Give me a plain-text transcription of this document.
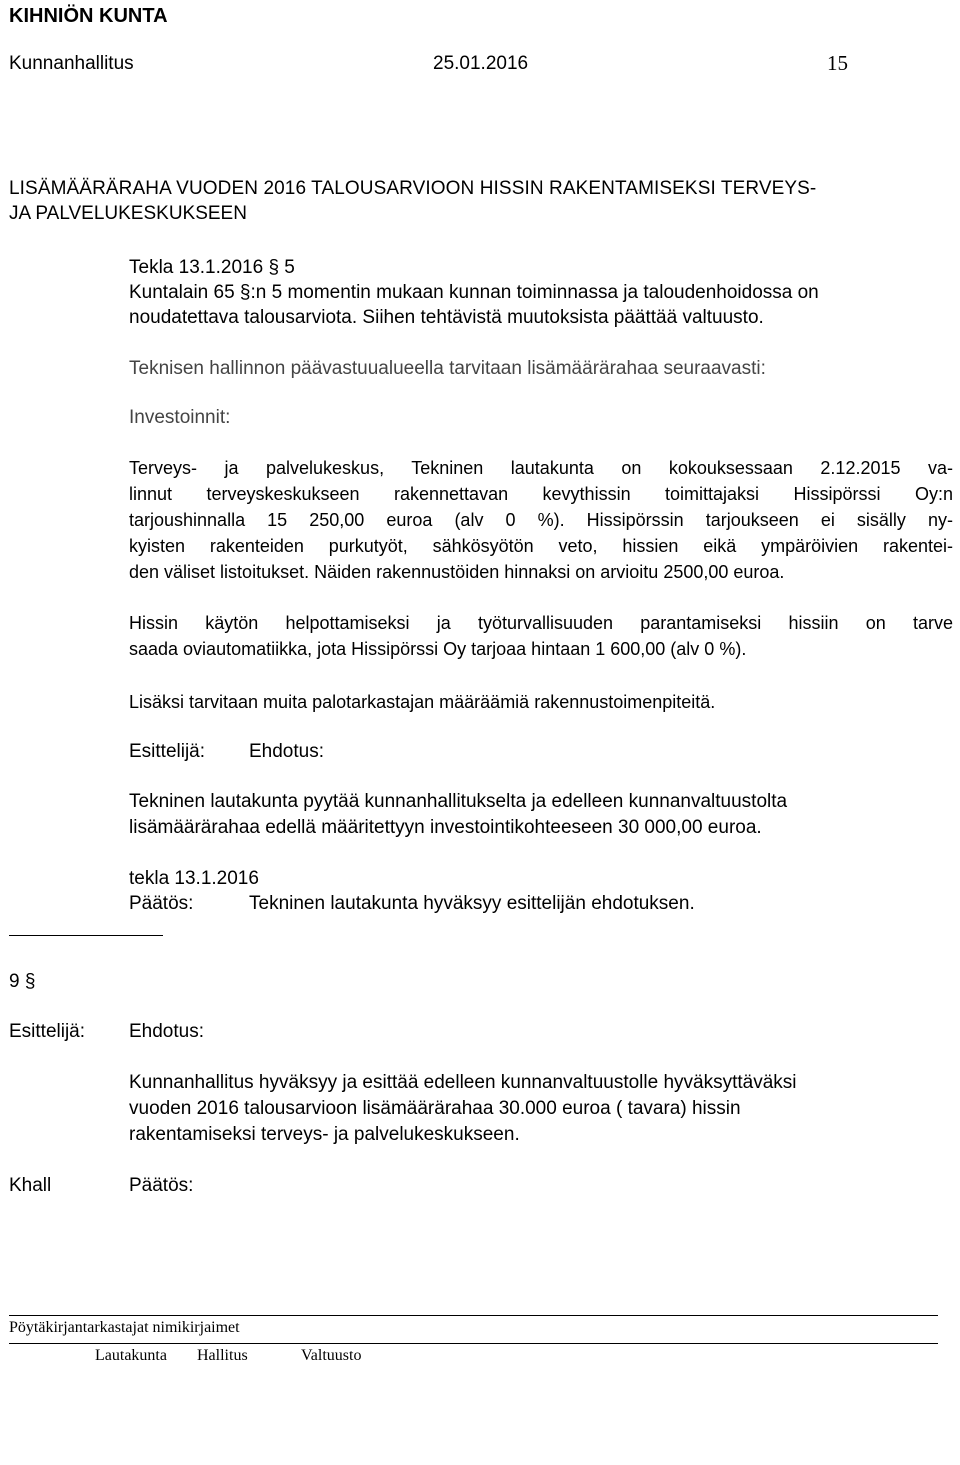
KIHNIÖN KUNTA
Kunnanhallitus	25.01.2016	15
LISÄMÄÄRÄRAHA VUODEN 2016 TALOUSARVIOON HISSIN RAKENTAMISEKSI TERVEYS-
JA PALVELUKESKUKSEEN
Tekla 13.1.2016 § 5
Kuntalain 65 §:n 5 momentin mukaan kunnan toiminnassa ja taloudenhoidossa on
noudatettava talousarviota. Siihen tehtävistä muutoksista päättää valtuusto.
Teknisen hallinnon päävastuualueella tarvitaan lisämäärärahaa seuraavasti:
Investoinnit:
Terveys- ja palvelukeskus, Tekninen lautakunta on kokouksessaan 2.12.2015 va-
linnut terveyskeskukseen rakennettavan kevythissin toimittajaksi Hissipörssi Oy:n
tarjoushinnalla 15 250,00 euroa (alv 0 %). Hissipörssin tarjoukseen ei sisälly ny-
kyisten rakenteiden purkutyöt, sähkösyötön veto, hissien eikä ympäröivien rakentei-
den väliset listoitukset. Näiden rakennustöiden hinnaksi on arvioitu 2500,00 euroa.
Hissin käytön helpottamiseksi ja työturvallisuuden parantamiseksi hissiin on tarve
saada oviautomatiikka, jota Hissipörssi Oy tarjoaa hintaan 1 600,00 (alv 0 %).
Lisäksi tarvitaan muita palotarkastajan määräämiä rakennustoimenpiteitä.
Esittelijä: Ehdotus:
Tekninen lautakunta pyytää kunnanhallitukselta ja edelleen kunnanvaltuustolta
lisämäärärahaa edellä määritettyyn investointikohteeseen 30 000,00 euroa.
tekla 13.1.2016
Päätös:	Tekninen lautakunta hyväksyy esittelijän ehdotuksen.
9 §
Esittelijä: Ehdotus:
Kunnanhallitus hyväksyy ja esittää edelleen kunnanvaltuustolle hyväksyttäväksi
vuoden 2016 talousarvioon lisämäärärahaa 30.000 euroa ( tavara) hissin
rakentamiseksi terveys- ja palvelukeskukseen.
Khall	Päätös:
Pöytäkirjantarkastajat nimikirjaimet
Lautakunta Hallitus	Valtuusto
